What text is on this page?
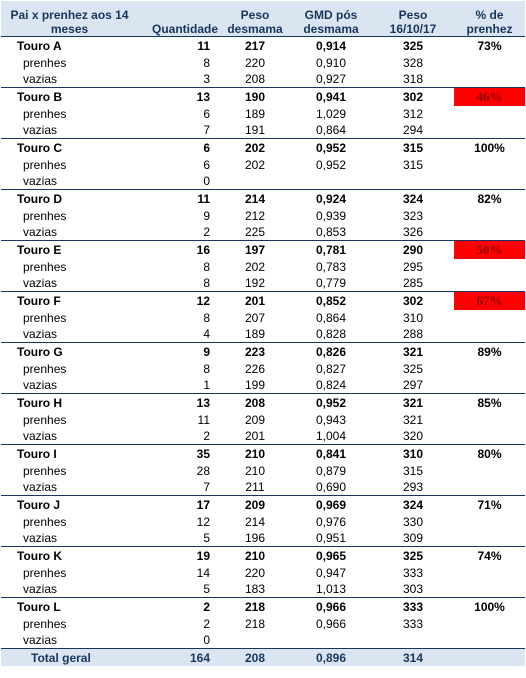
Pai x prenhez aos 14 meses	Quantidade	Peso desmama	GMD pós desmama	Peso 16/10/17	% de prenhez
Touro A	11	217	0,914	325	73%
prenhes	8	220	0,910	328	
vazias	3	208	0,927	318	
Touro B	13	190	0,941	302	46%
prenhes	6	189	1,029	312	
vazias	7	191	0,864	294	
Touro C	6	202	0,952	315	100%
prenhes	6	202	0,952	315	
vazias	0				
Touro D	11	214	0,924	324	82%
prenhes	9	212	0,939	323	
vazias	2	225	0,853	326	
Touro E	16	197	0,781	290	50%
prenhes	8	202	0,783	295	
vazias	8	192	0,779	285	
Touro F	12	201	0,852	302	67%
prenhes	8	207	0,864	310	
vazias	4	189	0,828	288	
Touro G	9	223	0,826	321	89%
prenhes	8	226	0,827	325	
vazias	1	199	0,824	297	
Touro H	13	208	0,952	321	85%
prenhes	11	209	0,943	321	
vazias	2	201	1,004	320	
Touro I	35	210	0,841	310	80%
prenhes	28	210	0,879	315	
vazias	7	211	0,690	293	
Touro J	17	209	0,969	324	71%
prenhes	12	214	0,976	330	
vazias	5	196	0,951	309	
Touro K	19	210	0,965	325	74%
prenhes	14	220	0,947	333	
vazias	5	183	1,013	303	
Touro L	2	218	0,966	333	100%
prenhes	2	218	0,966	333	
vazias	0				
Total geral	164	208	0,896	314	
